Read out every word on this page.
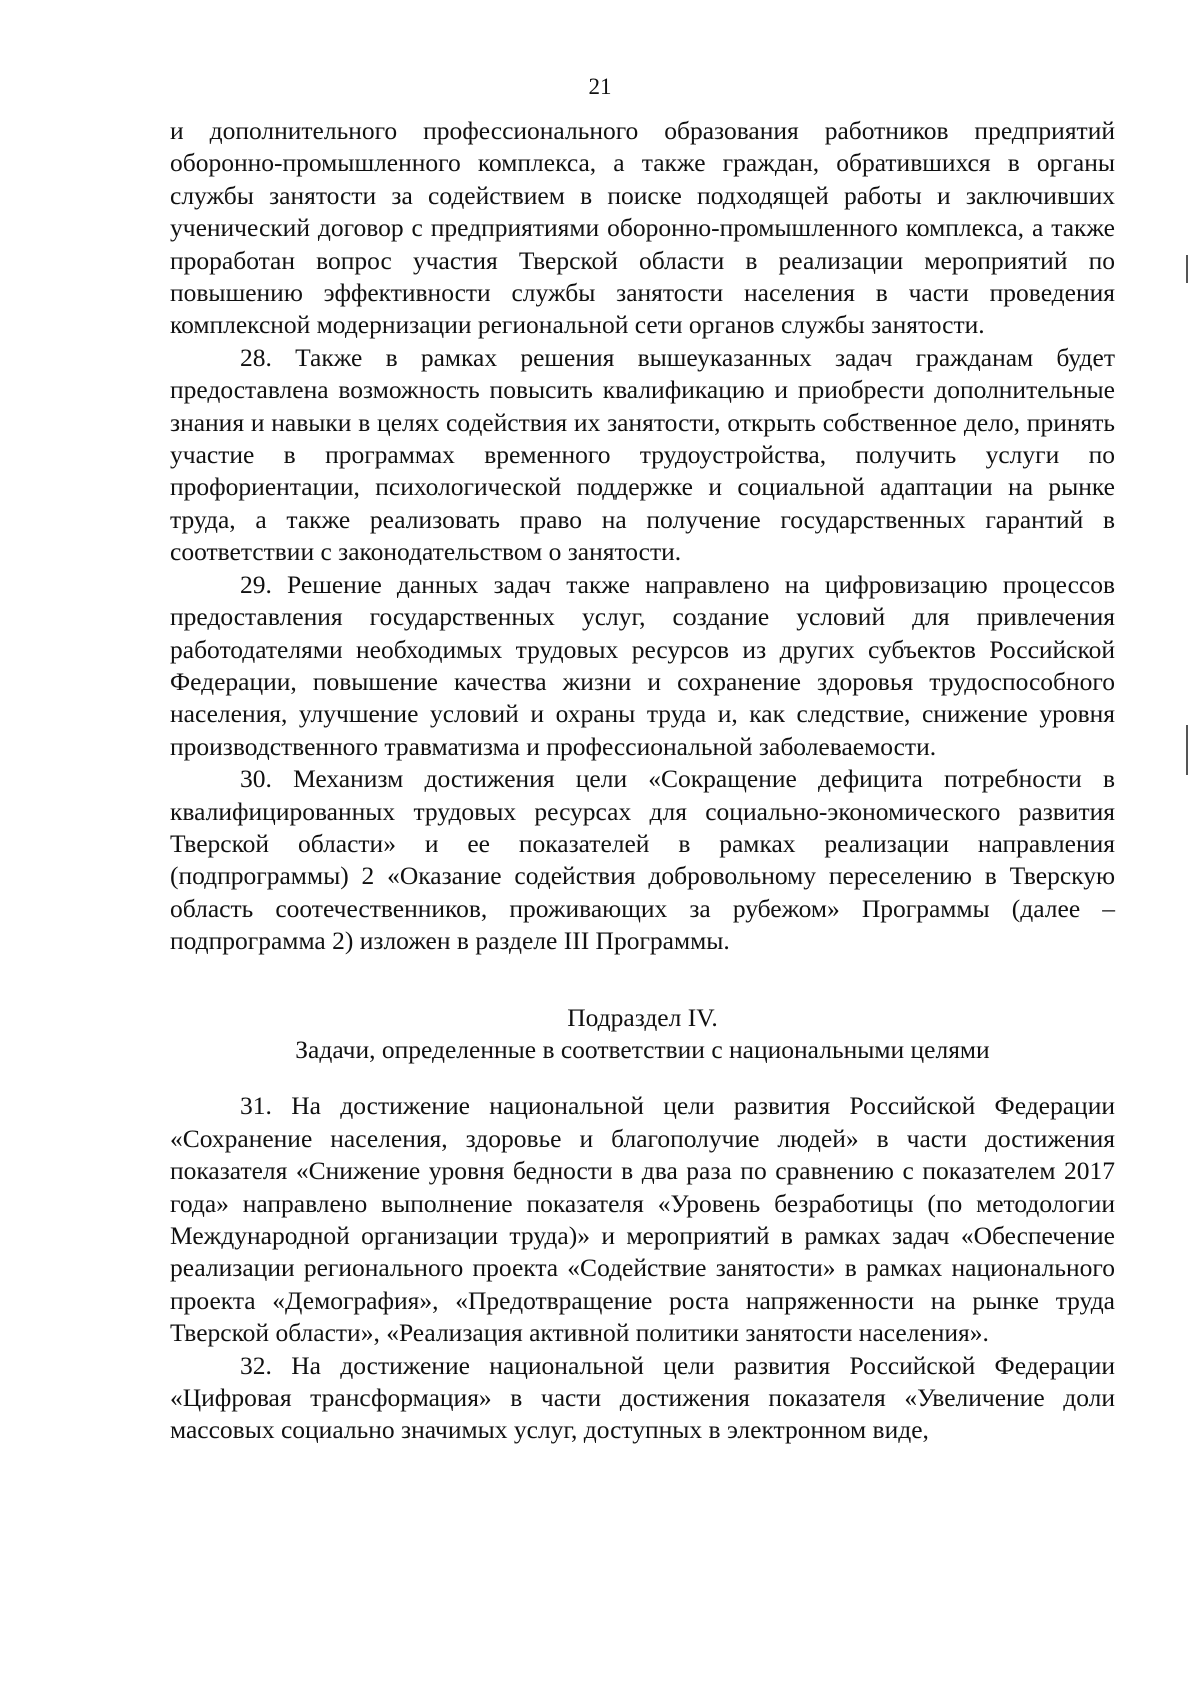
21

и дополнительного профессионального образования работников предприятий оборонно-промышленного комплекса, а также граждан, обратившихся в органы службы занятости за содействием в поиске подходящей работы и заключивших ученический договор с предприятиями оборонно-промышленного комплекса, а также проработан вопрос участия Тверской области в реализации мероприятий по повышению эффективности службы занятости населения в части проведения комплексной модернизации региональной сети органов службы занятости.

28. Также в рамках решения вышеуказанных задач гражданам будет предоставлена возможность повысить квалификацию и приобрести дополнительные знания и навыки в целях содействия их занятости, открыть собственное дело, принять участие в программах временного трудоустройства, получить услуги по профориентации, психологической поддержке и социальной адаптации на рынке труда, а также реализовать право на получение государственных гарантий в соответствии с законодательством о занятости.

29. Решение данных задач также направлено на цифровизацию процессов предоставления государственных услуг, создание условий для привлечения работодателями необходимых трудовых ресурсов из других субъектов Российской Федерации, повышение качества жизни и сохранение здоровья трудоспособного населения, улучшение условий и охраны труда и, как следствие, снижение уровня производственного травматизма и профессиональной заболеваемости.

30. Механизм достижения цели «Сокращение дефицита потребности в квалифицированных трудовых ресурсах для социально-экономического развития Тверской области» и ее показателей в рамках реализации направления (подпрограммы) 2 «Оказание содействия добровольному переселению в Тверскую область соотечественников, проживающих за рубежом» Программы (далее – подпрограмма 2) изложен в разделе III Программы.

Подраздел IV.
Задачи, определенные в соответствии с национальными целями

31. На достижение национальной цели развития Российской Федерации «Сохранение населения, здоровье и благополучие людей» в части достижения показателя «Снижение уровня бедности в два раза по сравнению с показателем 2017 года» направлено выполнение показателя «Уровень безработицы (по методологии Международной организации труда)» и мероприятий в рамках задач «Обеспечение реализации регионального проекта «Содействие занятости» в рамках национального проекта «Демография», «Предотвращение роста напряженности на рынке труда Тверской области», «Реализация активной политики занятости населения».

32. На достижение национальной цели развития Российской Федерации «Цифровая трансформация» в части достижения показателя «Увеличение доли массовых социально значимых услуг, доступных в электронном виде,
